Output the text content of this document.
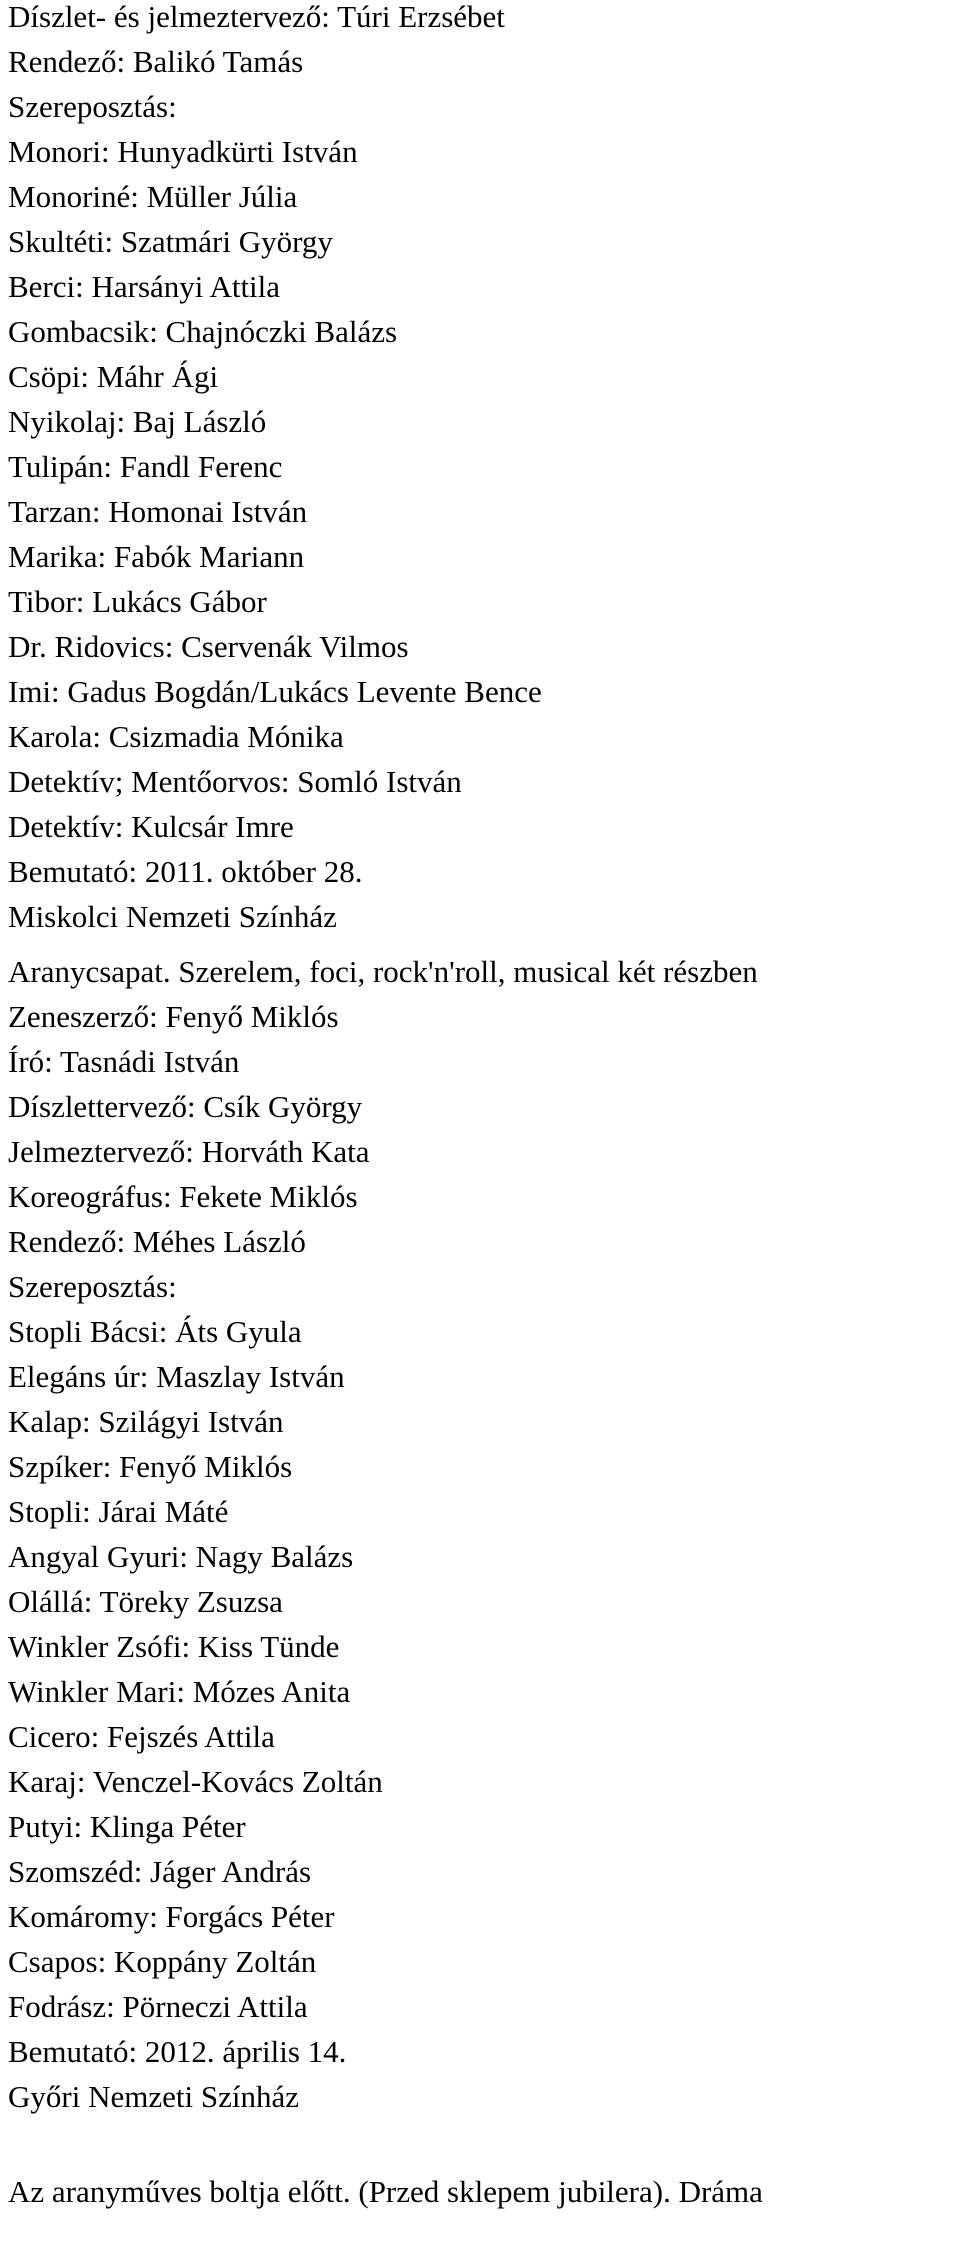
Díszlet- és jelmeztervező: Túri Erzsébet
Rendező: Balikó Tamás
Szereposztás:
Monori: Hunyadkürti István
Monoriné: Müller Júlia
Skultéti: Szatmári György
Berci: Harsányi Attila
Gombacsik: Chajnóczki Balázs
Csöpi: Máhr Ági
Nyikolaj: Baj László
Tulipán: Fandl Ferenc
Tarzan: Homonai István
Marika: Fabók Mariann
Tibor: Lukács Gábor
Dr. Ridovics: Cservenák Vilmos
Imi: Gadus Bogdán/Lukács Levente Bence
Karola: Csizmadia Mónika
Detektív; Mentőorvos: Somló István
Detektív: Kulcsár Imre
Bemutató: 2011. október 28.
Miskolci Nemzeti Színház
Aranycsapat. Szerelem, foci, rock'n'roll, musical két részben
Zeneszerző: Fenyő Miklós
Író: Tasnádi István
Díszlettervező: Csík György
Jelmeztervező: Horváth Kata
Koreográfus: Fekete Miklós
Rendező: Méhes László
Szereposztás:
Stopli Bácsi: Áts Gyula
Elegáns úr: Maszlay István
Kalap: Szilágyi István
Szpíker: Fenyő Miklós
Stopli: Járai Máté
Angyal Gyuri: Nagy Balázs
Olállá: Töreky Zsuzsa
Winkler Zsófi: Kiss Tünde
Winkler Mari: Mózes Anita
Cicero: Fejszés Attila
Karaj: Venczel-Kovács Zoltán
Putyi: Klinga Péter
Szomszéd: Jáger András
Komáromy: Forgács Péter
Csapos: Koppány Zoltán
Fodrász: Pörneczi Attila
Bemutató: 2012. április 14.
Győri Nemzeti Színház
Az aranyműves boltja előtt. (Przed sklepem jubilera). Dráma
